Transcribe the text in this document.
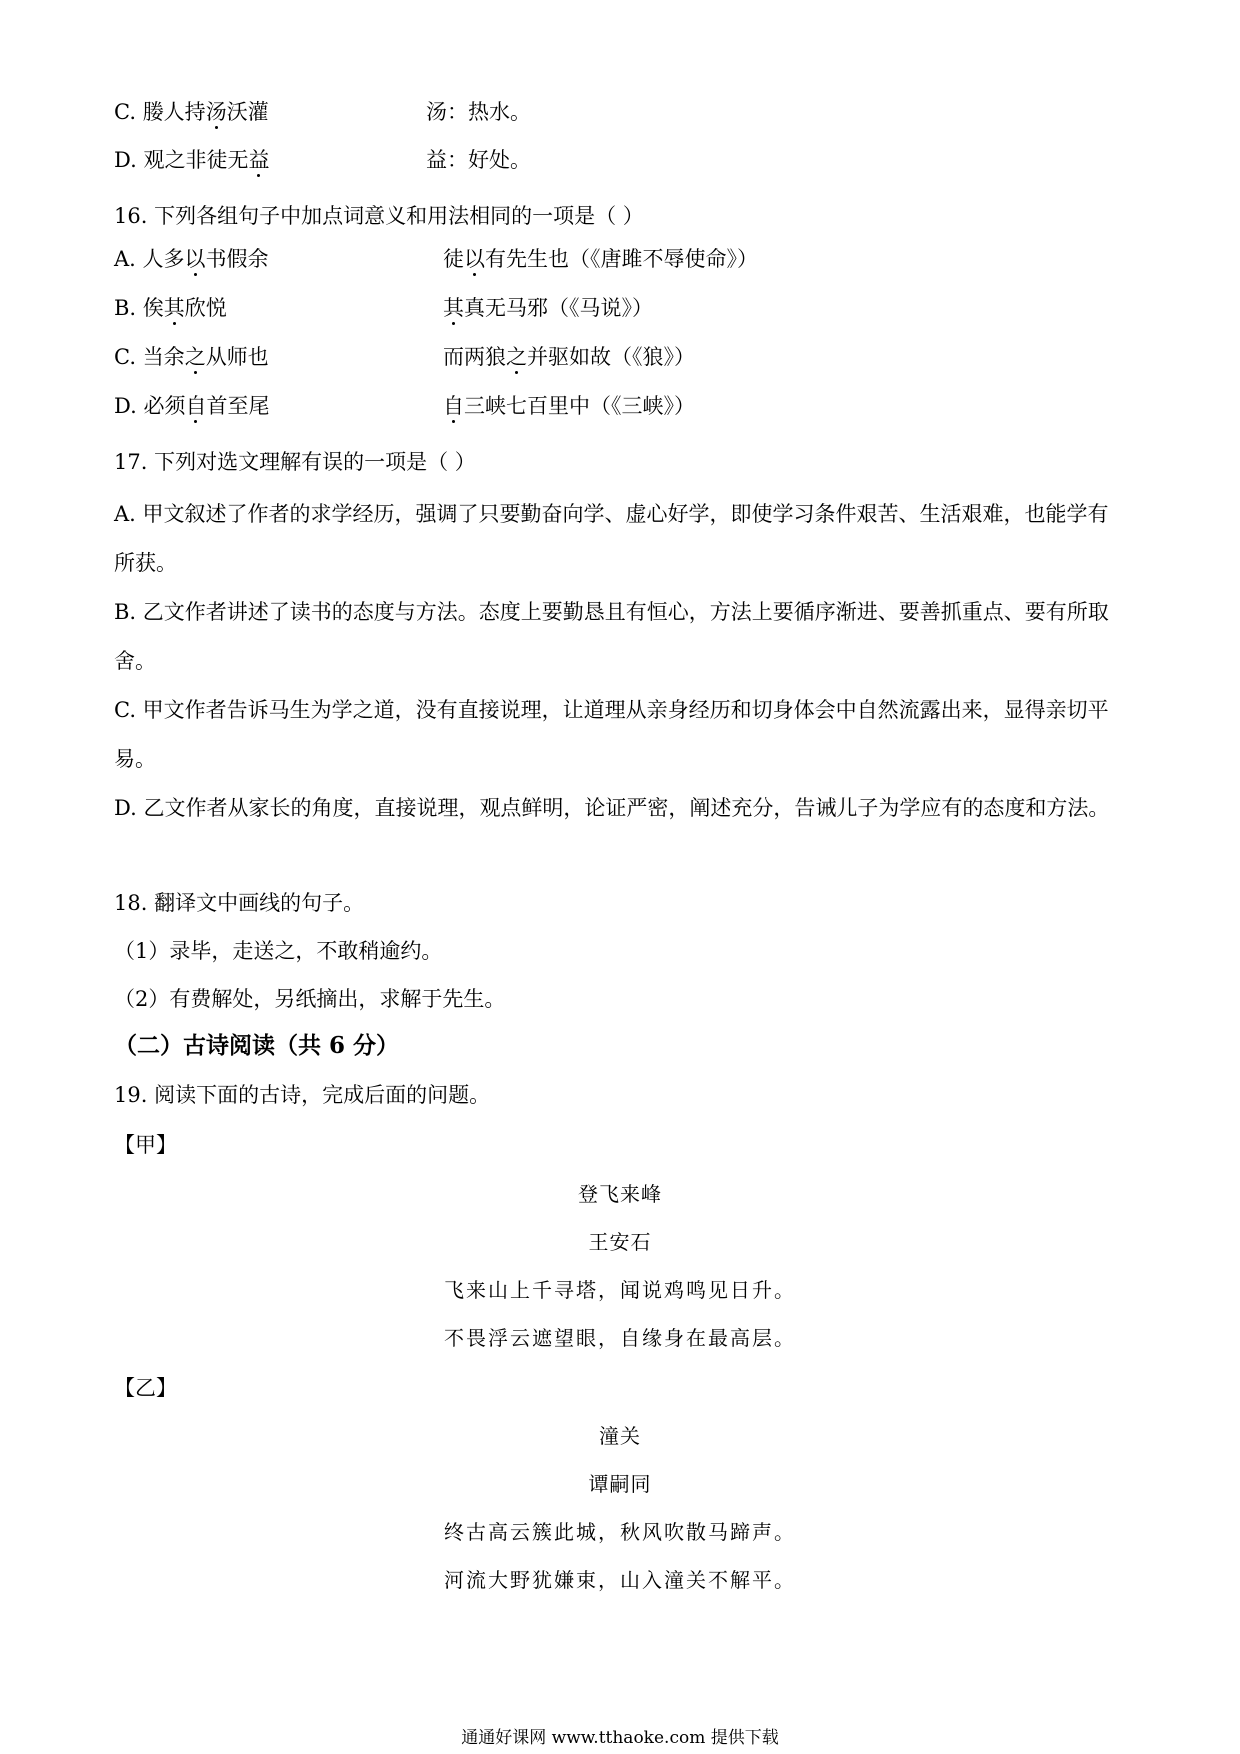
C. 媵人持汤沃灌	汤：热水。
D. 观之非徒无益	益：好处。
16. 下列各组句子中加点词意义和用法相同的一项是（ ）
A. 人多以书假余	徒以有先生也（《唐雎不辱使命》）
B. 俟其欣悦	其真无马邪（《马说》）
C. 当余之从师也	而两狼之并驱如故（《狼》）
D. 必须自首至尾	自三峡七百里中（《三峡》）
17. 下列对选文理解有误的一项是（ ）
A. 甲文叙述了作者的求学经历，强调了只要勤奋向学、虚心好学，即使学习条件艰苦、生活艰难，也能学有所获。
B. 乙文作者讲述了读书的态度与方法。态度上要勤恳且有恒心，方法上要循序渐进、要善抓重点、要有所取舍。
C. 甲文作者告诉马生为学之道，没有直接说理，让道理从亲身经历和切身体会中自然流露出来，显得亲切平易。
D. 乙文作者从家长的角度，直接说理，观点鲜明，论证严密，阐述充分，告诫儿子为学应有的态度和方法。
18. 翻译文中画线的句子。
（1）录毕，走送之，不敢稍逾约。
（2）有费解处，另纸摘出，求解于先生。
（二）古诗阅读（共 6 分）
19. 阅读下面的古诗，完成后面的问题。
【甲】
登飞来峰
王安石
飞来山上千寻塔，闻说鸡鸣见日升。
不畏浮云遮望眼，自缘身在最高层。
【乙】
潼关
谭嗣同
终古高云簇此城，秋风吹散马蹄声。
河流大野犹嫌束，山入潼关不解平。
通通好课网 www.tthaoke.com 提供下载
